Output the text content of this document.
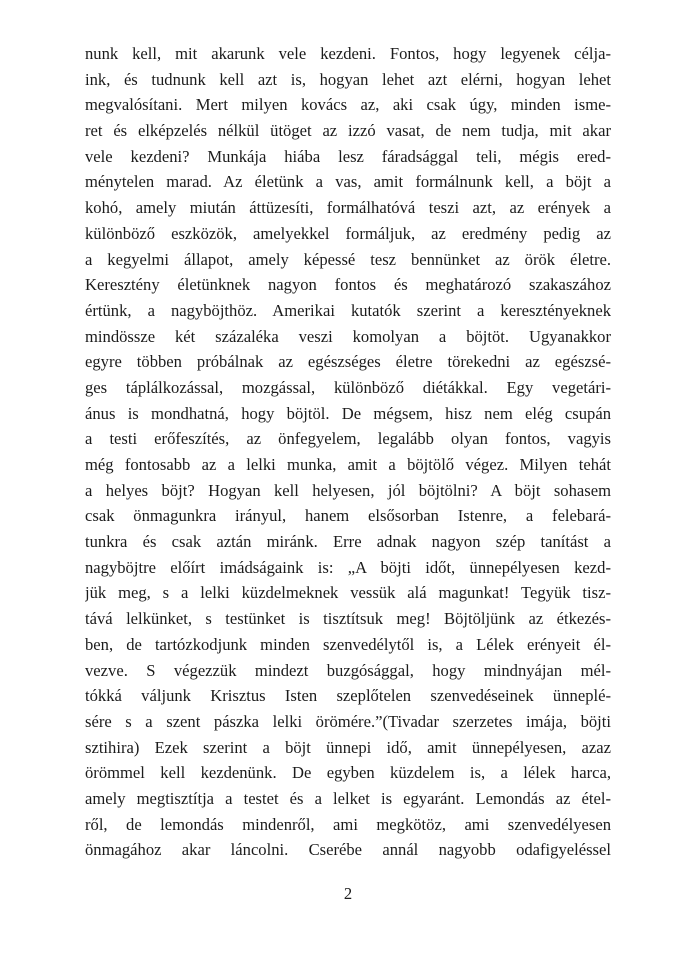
nunk kell, mit akarunk vele kezdeni. Fontos, hogy legyenek célja-
ink, és tudnunk kell azt is, hogyan lehet azt elérni, hogyan lehet
megvalósítani. Mert milyen kovács az, aki csak úgy, minden isme-
ret és elképzelés nélkül ütöget az izzó vasat, de nem tudja, mit akar
vele kezdeni? Munkája hiába lesz fáradsággal teli, mégis ered-
ménytelen marad. Az életünk a vas, amit formálnunk kell, a böjt a
kohó, amely miután áttüzesíti, formálhatóvá teszi azt, az erények a
különböző eszközök, amelyekkel formáljuk, az eredmény pedig az
a kegyelmi állapot, amely képessé tesz bennünket az örök életre.
Keresztény életünknek nagyon fontos és meghatározó szakaszához
értünk, a nagyböjthöz. Amerikai kutatók szerint a keresztényeknek
mindössze két százaléka veszi komolyan a böjtöt. Ugyanakkor
egyre többen próbálnak az egészséges életre törekedni az egészsé-
ges táplálkozással, mozgással, különböző diétákkal. Egy vegetári-
ánus is mondhatná, hogy böjtöl. De mégsem, hisz nem elég csupán
a testi erőfeszítés, az önfegyelem, legalább olyan fontos, vagyis
még fontosabb az a lelki munka, amit a böjtölő végez. Milyen tehát
a helyes böjt? Hogyan kell helyesen, jól böjtölni? A böjt sohasem
csak önmagunkra irányul, hanem elsősorban Istenre, a felebará-
tunkra és csak aztán miránk. Erre adnak nagyon szép tanítást a
nagyböjtre előírt imádságaink is: „A böjti időt, ünnepélyesen kezd-
jük meg, s a lelki küzdelmeknek vessük alá magunkat! Tegyük tisz-
tává lelkünket, s testünket is tisztítsuk meg! Böjtöljünk az étkezés-
ben, de tartózkodjunk minden szenvedélytől is, a Lélek erényeit él-
vezve. S végezzük mindezt buzgósággal, hogy mindnyájan mél-
tókká váljunk Krisztus Isten szeplőtelen szenvedéseinek ünneplé-
sére s a szent pászka lelki örömére.”(Tivadar szerzetes imája, böjti
sztihira) Ezek szerint a böjt ünnepi idő, amit ünnepélyesen, azaz
örömmel kell kezdenünk. De egyben küzdelem is, a lélek harca,
amely megtisztítja a testet és a lelket is egyaránt. Lemondás az étel-
ről, de lemondás mindenről, ami megkötöz, ami szenvedélyesen
önmagához akar láncolni. Cserébe annál nagyobb odafigyeléssel
2
